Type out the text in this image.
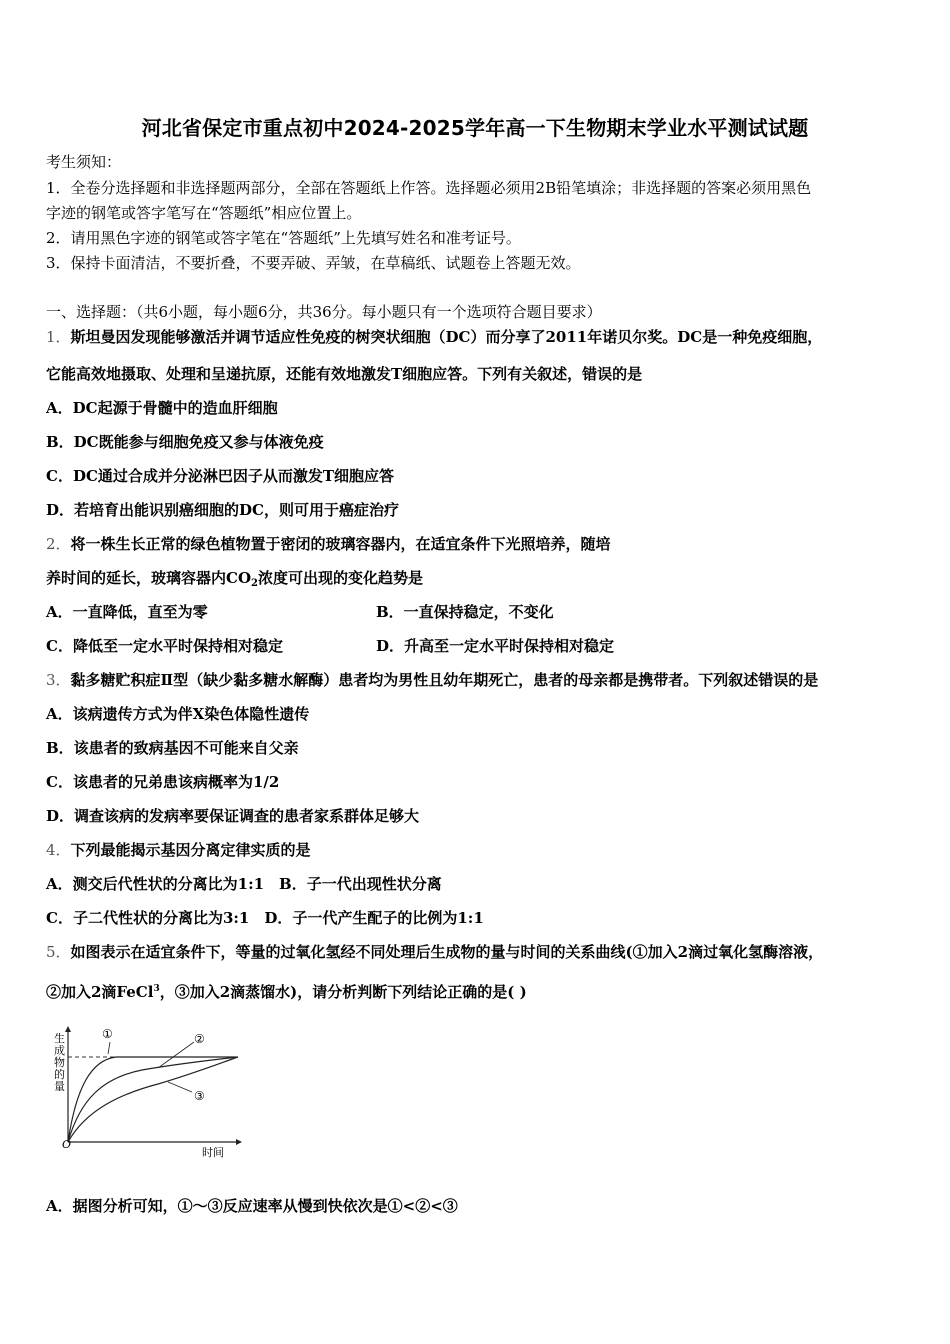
河北省保定市重点初中2024-2025学年高一下生物期末学业水平测试试题
考生须知：
1．全卷分选择题和非选择题两部分，全部在答题纸上作答。选择题必须用2B铅笔填涂；非选择题的答案必须用黑色
字迹的钢笔或答字笔写在“答题纸”相应位置上。
2．请用黑色字迹的钢笔或答字笔在“答题纸”上先填写姓名和准考证号。
3．保持卡面清洁，不要折叠，不要弄破、弄皱，在草稿纸、试题卷上答题无效。
一、选择题：（共6小题，每小题6分，共36分。每小题只有一个选项符合题目要求）
1．斯坦曼因发现能够激活并调节适应性免疫的树突状细胞（DC）而分享了2011年诺贝尔奖。DC是一种免疫细胞，
它能高效地摄取、处理和呈递抗原，还能有效地激发T细胞应答。下列有关叙述，错误的是
A．DC起源于骨髓中的造血肝细胞
B．DC既能参与细胞免疫又参与体液免疫
C．DC通过合成并分泌淋巴因子从而激发T细胞应答
D．若培育出能识别癌细胞的DC，则可用于癌症治疗
2．将一株生长正常的绿色植物置于密闭的玻璃容器内，在适宜条件下光照培养，随培
养时间的延长，玻璃容器内$CO_2$浓度可出现的变化趋势是
A．一直降低，直至为零	B．一直保持稳定，不变化
C．降低至一定水平时保持相对稳定	D．升高至一定水平时保持相对稳定
3．黏多糖贮积症Ⅱ型（缺少黏多糖水解酶）患者均为男性且幼年期死亡，患者的母亲都是携带者。下列叙述错误的是
A．该病遗传方式为伴X染色体隐性遗传
B．该患者的致病基因不可能来自父亲
C．该患者的兄弟患该病概率为1/2
D．调查该病的发病率要保证调查的患者家系群体足够大
4．下列最能揭示基因分离定律实质的是
A．测交后代性状的分离比为1:1　B．子一代出现性状分离
C．子二代性状的分离比为3:1　D．子一代产生配子的比例为1:1
5．如图表示在适宜条件下，等量的过氧化氢经不同处理后生成物的量与时间的关系曲线(①加入2滴过氧化氢酶溶液，
②加入2滴FeCl$^3$，③加入2滴蒸馏水)，请分析判断下列结论正确的是( )
生
成
物
的
量
O
时间
①	②
③
A．据图分析可知，①～③反应速率从慢到快依次是①<②<③
